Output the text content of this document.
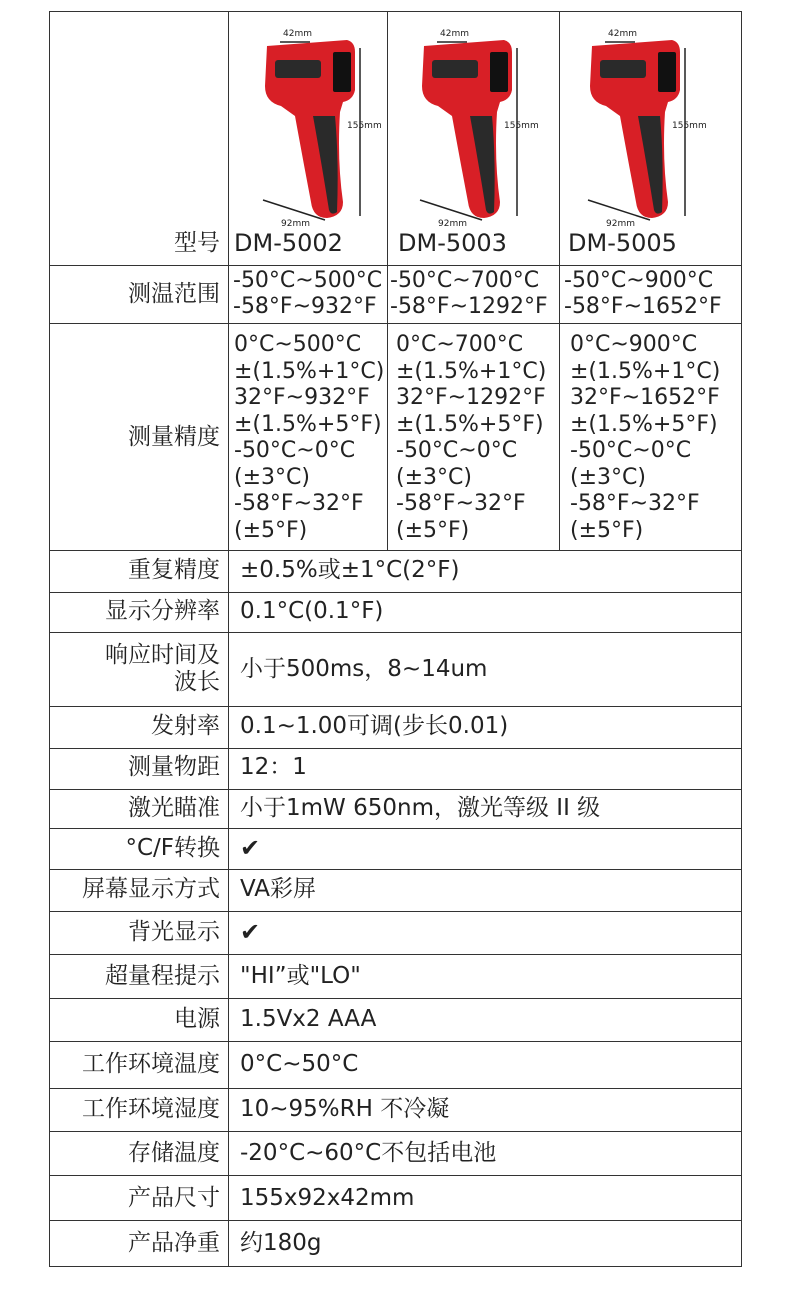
42mm
155mm
92mm
42mm
155mm
92mm
42mm
155mm
92mm
型号 DM-5002 DM-5003	DM-5005
测温范围
-50°C~500°C
-58°F~932°F
-50°C~700°C
-58°F~1292°F
-50°C~900°C
-58°F~1652°F
测量精度
0°C~500°C
±(1.5%+1°C)
32°F~932°F
±(1.5%+5°F)
-50°C~0°C
(±3°C)
-58°F~32°F
(±5°F)
0°C~700°C
±(1.5%+1°C)
32°F~1292°F
±(1.5%+5°F)
-50°C~0°C
(±3°C)
-58°F~32°F
(±5°F)
0°C~900°C
±(1.5%+1°C)
32°F~1652°F
±(1.5%+5°F)
-50°C~0°C
(±3°C)
-58°F~32°F
(±5°F)
重复精度 ±0.5%或±1°C(2°F)
显示分辨率 0.1°C(0.1°F)
响应时间及
波长 小于500ms，8~14um
发射率 0.1~1.00可调(步长0.01)
测量物距 12：1
激光瞄准 小于1mW 650nm，激光等级 II 级
°C/F转换 ✔
屏幕显示方式 VA彩屏
背光显示 ✔
超量程提示 "HI”或"LO"
电源 1.5Vx2 AAA
工作环境温度 0°C~50°C
工作环境湿度 10~95%RH 不冷凝
存储温度 -20°C~60°C不包括电池
产品尺寸 155x92x42mm
产品净重 约180g
